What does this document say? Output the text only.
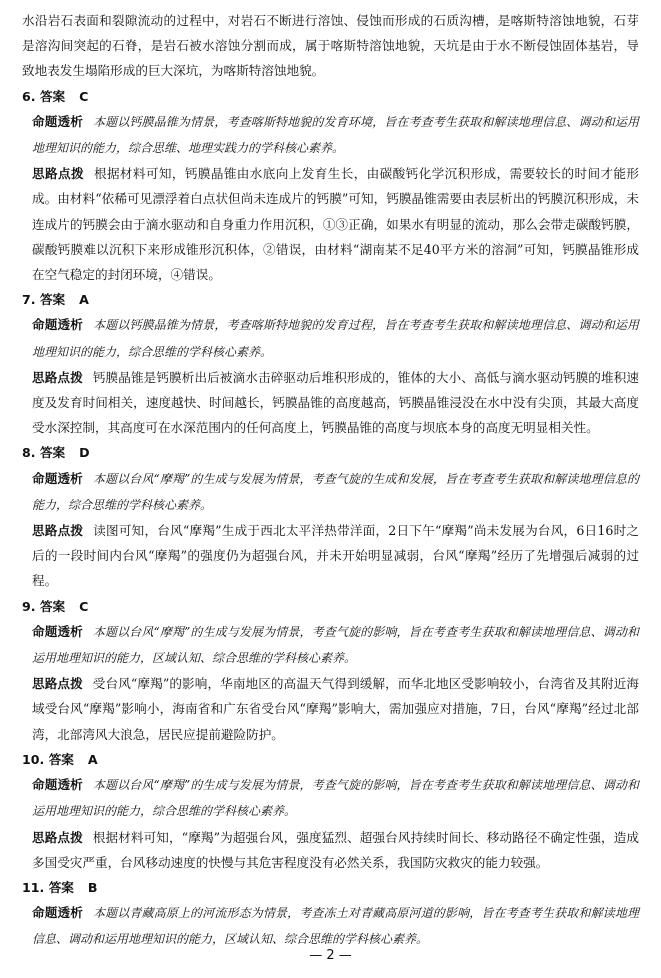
水沿岩石表面和裂隙流动的过程中，对岩石不断进行溶蚀、侵蚀而形成的石质沟槽，是喀斯特溶蚀地貌，石芽是溶沟间突起的石脊，是岩石被水溶蚀分割而成，属于喀斯特溶蚀地貌，天坑是由于水不断侵蚀固体基岩，导致地表发生塌陷形成的巨大深坑，为喀斯特溶蚀地貌。

6. 答案 C

命题透析 本题以钙膜晶锥为情景，考查喀斯特地貌的发育环境，旨在考查考生获取和解读地理信息、调动和运用地理知识的能力，综合思维、地理实践力的学科核心素养。

思路点拨 根据材料可知，钙膜晶锥由水底向上发育生长，由碳酸钙化学沉积形成，需要较长的时间才能形成。由材料“依稀可见漂浮着白点状但尚未连成片的钙膜”可知，钙膜晶锥需要由表层析出的钙膜沉积形成，未连成片的钙膜会由于滴水驱动和自身重力作用沉积，①③正确，如果水有明显的流动，那么会带走碳酸钙膜，碳酸钙膜难以沉积下来形成锥形沉积体，②错误，由材料“湖南某不足40平方米的溶洞”可知，钙膜晶锥形成在空气稳定的封闭环境，④错误。

7. 答案 A

命题透析 本题以钙膜晶锥为情景，考查喀斯特地貌的发育过程，旨在考查考生获取和解读地理信息、调动和运用地理知识的能力，综合思维的学科核心素养。

思路点拨 钙膜晶锥是钙膜析出后被滴水击碎驱动后堆积形成的，锥体的大小、高低与滴水驱动钙膜的堆积速度及发育时间相关，速度越快、时间越长，钙膜晶锥的高度越高，钙膜晶锥浸没在水中没有尖顶，其最大高度受水深控制，其高度可在水深范围内的任何高度上，钙膜晶锥的高度与坝底本身的高度无明显相关性。

8. 答案 D

命题透析 本题以台风“摩羯”的生成与发展为情景，考查气旋的生成和发展，旨在考查考生获取和解读地理信息的能力，综合思维的学科核心素养。

思路点拨 读图可知，台风“摩羯”生成于西北太平洋热带洋面，2日下午“摩羯”尚未发展为台风，6日16时之后的一段时间内台风“摩羯”的强度仍为超强台风，并未开始明显减弱，台风“摩羯”经历了先增强后减弱的过程。

9. 答案 C

命题透析 本题以台风“摩羯”的生成与发展为情景，考查气旋的影响，旨在考查考生获取和解读地理信息、调动和运用地理知识的能力，区域认知、综合思维的学科核心素养。

思路点拨 受台风“摩羯”的影响，华南地区的高温天气得到缓解，而华北地区受影响较小，台湾省及其附近海域受台风“摩羯”影响小，海南省和广东省受台风“摩羯”影响大，需加强应对措施，7日，台风“摩羯”经过北部湾，北部湾风大浪急，居民应提前避险防护。

10. 答案 A

命题透析 本题以台风“摩羯”的生成与发展为情景，考查气旋的影响，旨在考查考生获取和解读地理信息、调动和运用地理知识的能力，综合思维的学科核心素养。

思路点拨 根据材料可知，“摩羯”为超强台风，强度猛烈、超强台风持续时间长、移动路径不确定性强，造成多国受灾严重，台风移动速度的快慢与其危害程度没有必然关系，我国防灾救灾的能力较强。

11. 答案 B

命题透析 本题以青藏高原上的河流形态为情景，考查冻土对青藏高原河道的影响，旨在考查考生获取和解读地理信息、调动和运用地理知识的能力，区域认知、综合思维的学科核心素养。

— 2 —
